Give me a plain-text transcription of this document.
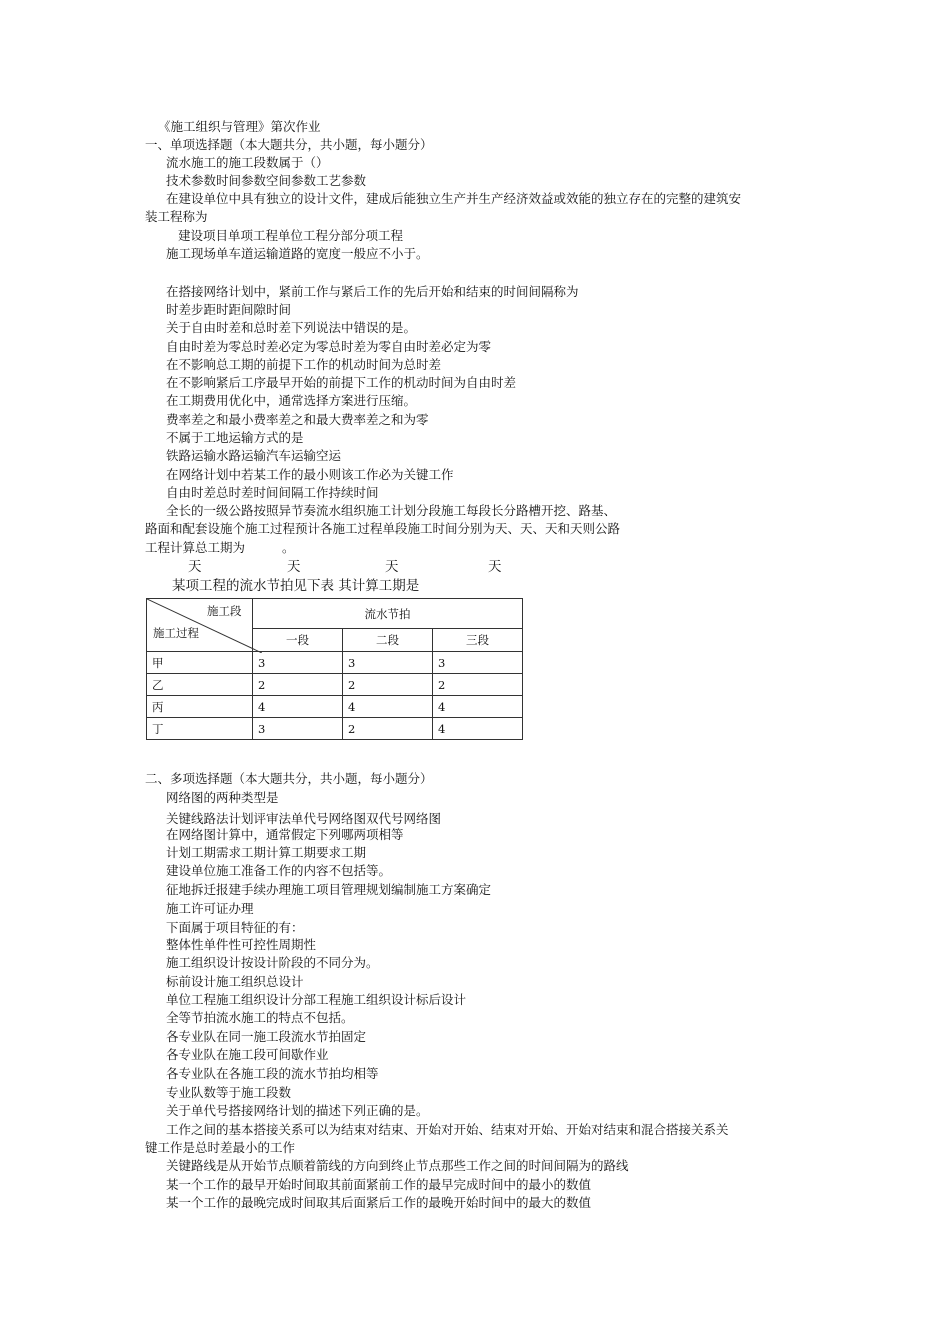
《施工组织与管理》第次作业
一、单项选择题（本大题共分，共小题，每小题分）
流水施工的施工段数属于（）
技术参数时间参数空间参数工艺参数
在建设单位中具有独立的设计文件，建成后能独立生产并生产经济效益或效能的独立存在的完整的建筑安
装工程称为
建设项目单项工程单位工程分部分项工程
施工现场单车道运输道路的宽度一般应不小于。
在搭接网络计划中，紧前工作与紧后工作的先后开始和结束的时间间隔称为
时差步距时距间隙时间
关于自由时差和总时差下列说法中错误的是。
自由时差为零总时差必定为零总时差为零自由时差必定为零
在不影响总工期的前提下工作的机动时间为总时差
在不影响紧后工序最早开始的前提下工作的机动时间为自由时差
在工期费用优化中，通常选择方案进行压缩。
费率差之和最小费率差之和最大费率差之和为零
不属于工地运输方式的是
铁路运输水路运输汽车运输空运
在网络计划中若某工作的最小则该工作必为关键工作
自由时差总时差时间间隔工作持续时间
全长的一级公路按照异节奏流水组织施工计划分段施工每段长分路槽开挖、路基、
路面和配套设施个施工过程预计各施工过程单段施工时间分别为天、天、天和天则公路
工程计算总工期为	。
天	天	天	天
某项工程的流水节拍见下表 其计算工期是
施工段
施工过程	流水节拍		
	一段	二段	三段
甲	3	3	3
乙	2	2	2
丙	4	4	4
丁	3	2	4
二、多项选择题（本大题共分，共小题，每小题分）
网络图的两种类型是
关键线路法计划评审法单代号网络图双代号网络图
在网络图计算中，通常假定下列哪两项相等
计划工期需求工期计算工期要求工期
建设单位施工准备工作的内容不包括等。
征地拆迁报建手续办理施工项目管理规划编制施工方案确定
施工许可证办理
下面属于项目特征的有：
整体性单件性可控性周期性
施工组织设计按设计阶段的不同分为。
标前设计施工组织总设计
单位工程施工组织设计分部工程施工组织设计标后设计
全等节拍流水施工的特点不包括。
各专业队在同一施工段流水节拍固定
各专业队在施工段可间歇作业
各专业队在各施工段的流水节拍均相等
专业队数等于施工段数
关于单代号搭接网络计划的描述下列正确的是。
工作之间的基本搭接关系可以为结束对结束、开始对开始、结束对开始、开始对结束和混合搭接关系关
键工作是总时差最小的工作
关键路线是从开始节点顺着箭线的方向到终止节点那些工作之间的时间间隔为的路线
某一个工作的最早开始时间取其前面紧前工作的最早完成时间中的最小的数值
某一个工作的最晚完成时间取其后面紧后工作的最晚开始时间中的最大的数值
